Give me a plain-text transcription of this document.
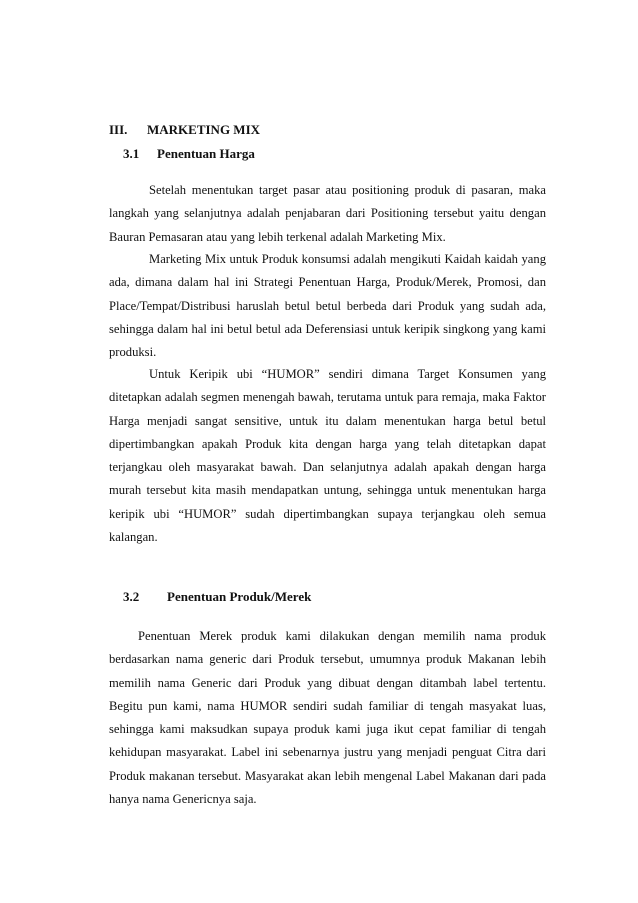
III. MARKETING MIX
3.1 Penentuan Harga

Setelah menentukan target pasar atau positioning produk di pasaran, maka langkah yang selanjutnya adalah penjabaran dari Positioning tersebut yaitu dengan Bauran Pemasaran atau yang lebih terkenal adalah Marketing Mix.

Marketing Mix untuk Produk konsumsi adalah mengikuti Kaidah kaidah yang ada, dimana dalam hal ini Strategi Penentuan Harga, Produk/Merek, Promosi, dan Place/Tempat/Distribusi haruslah betul betul berbeda dari Produk yang sudah ada, sehingga dalam hal ini betul betul ada Deferensiasi untuk keripik singkong yang kami produksi.

Untuk Keripik ubi “HUMOR” sendiri dimana Target Konsumen yang ditetapkan adalah segmen menengah bawah, terutama untuk para remaja, maka Faktor Harga menjadi sangat sensitive, untuk itu dalam menentukan harga betul betul dipertimbangkan apakah Produk kita dengan harga yang telah ditetapkan dapat terjangkau oleh masyarakat bawah. Dan selanjutnya adalah apakah dengan harga murah tersebut kita masih mendapatkan untung, sehingga untuk menentukan harga keripik ubi “HUMOR” sudah dipertimbangkan supaya terjangkau oleh semua kalangan.

3.2 Penentuan Produk/Merek

Penentuan Merek produk kami dilakukan dengan memilih nama produk berdasarkan nama generic dari Produk tersebut, umumnya produk Makanan lebih memilih nama Generic dari Produk yang dibuat dengan ditambah label tertentu. Begitu pun kami, nama HUMOR sendiri sudah familiar di tengah masyakat luas, sehingga kami maksudkan supaya produk kami juga ikut cepat familiar di tengah kehidupan masyarakat. Label ini sebenarnya justru yang menjadi penguat Citra dari Produk makanan tersebut. Masyarakat akan lebih mengenal Label Makanan dari pada hanya nama Genericnya saja.
